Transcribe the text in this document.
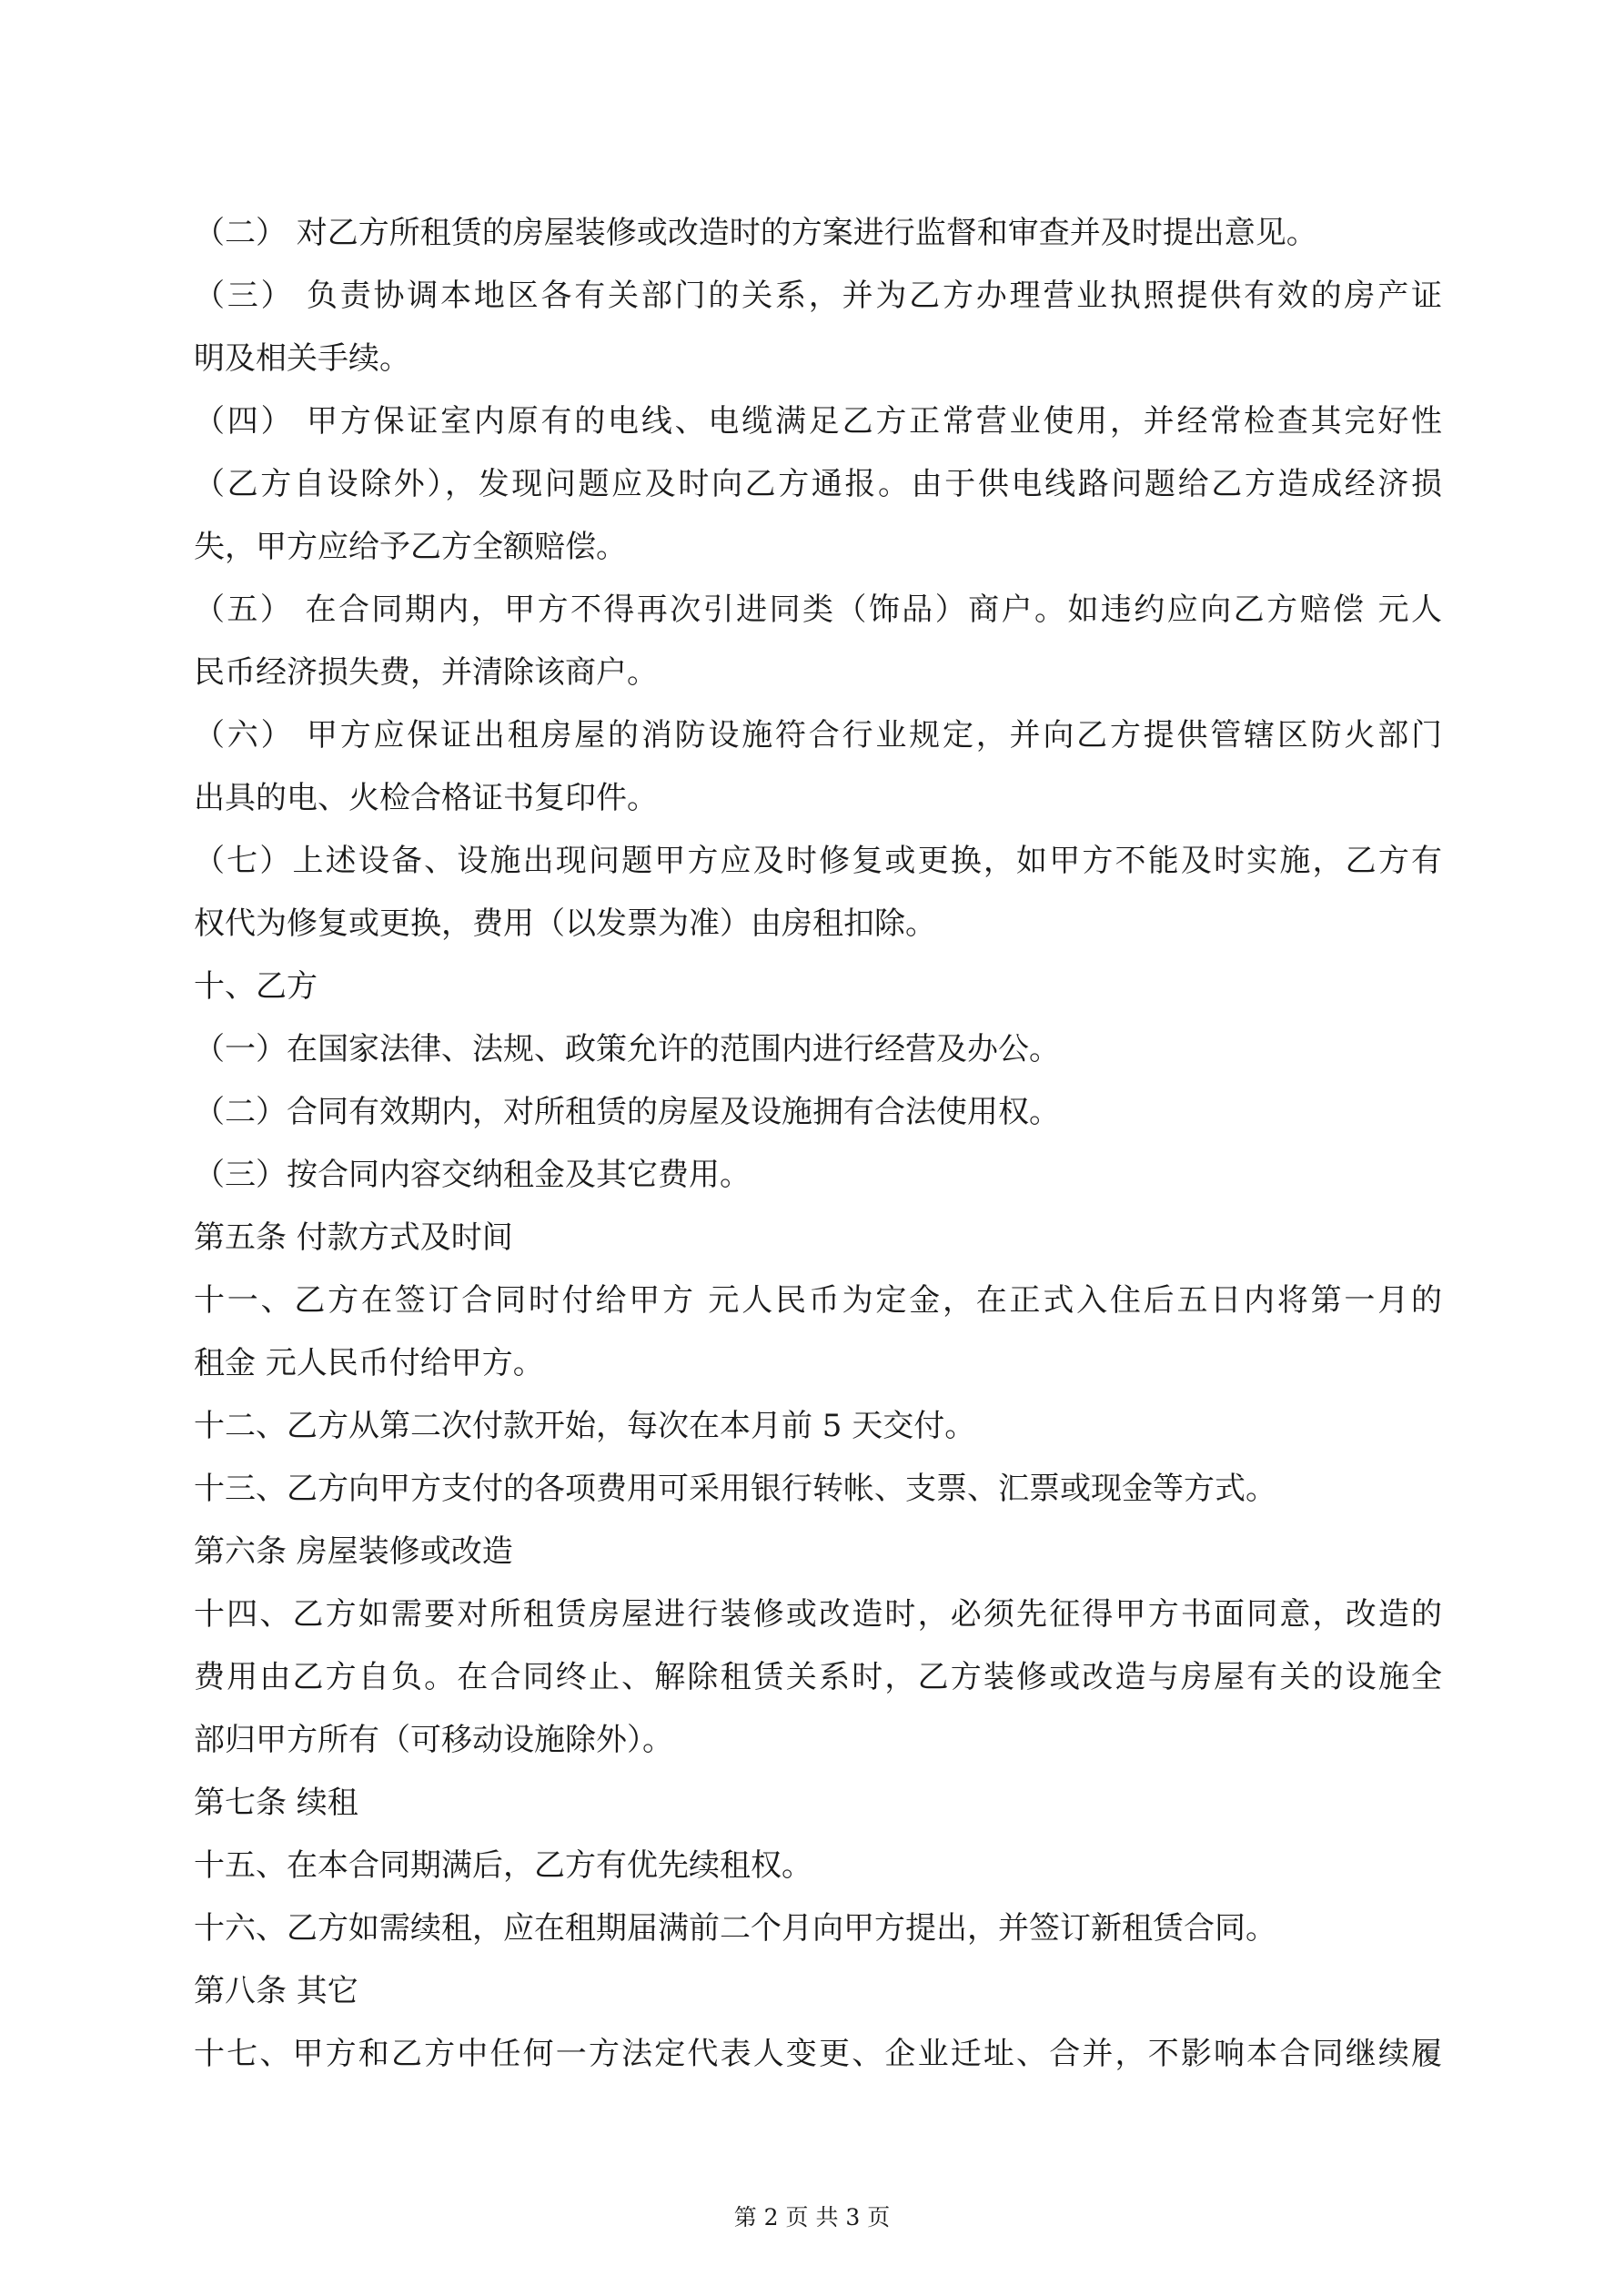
（二） 对乙方所租赁的房屋装修或改造时的方案进行监督和审查并及时提出意见。
（三） 负责协调本地区各有关部门的关系，并为乙方办理营业执照提供有效的房产证
明及相关手续。
（四） 甲方保证室内原有的电线、电缆满足乙方正常营业使用，并经常检查其完好性
（乙方自设除外），发现问题应及时向乙方通报。由于供电线路问题给乙方造成经济损
失，甲方应给予乙方全额赔偿。
（五） 在合同期内，甲方不得再次引进同类（饰品）商户。如违约应向乙方赔偿 元人
民币经济损失费，并清除该商户。
（六） 甲方应保证出租房屋的消防设施符合行业规定，并向乙方提供管辖区防火部门
出具的电、火检合格证书复印件。
（七）上述设备、设施出现问题甲方应及时修复或更换，如甲方不能及时实施，乙方有
权代为修复或更换，费用（以发票为准）由房租扣除。
十、乙方
（一）在国家法律、法规、政策允许的范围内进行经营及办公。
（二）合同有效期内，对所租赁的房屋及设施拥有合法使用权。
（三）按合同内容交纳租金及其它费用。
第五条 付款方式及时间
十一、乙方在签订合同时付给甲方 元人民币为定金，在正式入住后五日内将第一月的
租金 元人民币付给甲方。
十二、乙方从第二次付款开始，每次在本月前 5 天交付。
十三、乙方向甲方支付的各项费用可采用银行转帐、支票、汇票或现金等方式。
第六条 房屋装修或改造
十四、乙方如需要对所租赁房屋进行装修或改造时，必须先征得甲方书面同意，改造的
费用由乙方自负。在合同终止、解除租赁关系时，乙方装修或改造与房屋有关的设施全
部归甲方所有（可移动设施除外）。
第七条 续租
十五、在本合同期满后，乙方有优先续租权。
十六、乙方如需续租，应在租期届满前二个月向甲方提出，并签订新租赁合同。
第八条 其它
十七、甲方和乙方中任何一方法定代表人变更、企业迁址、合并，不影响本合同继续履
第 2 页 共 3 页
